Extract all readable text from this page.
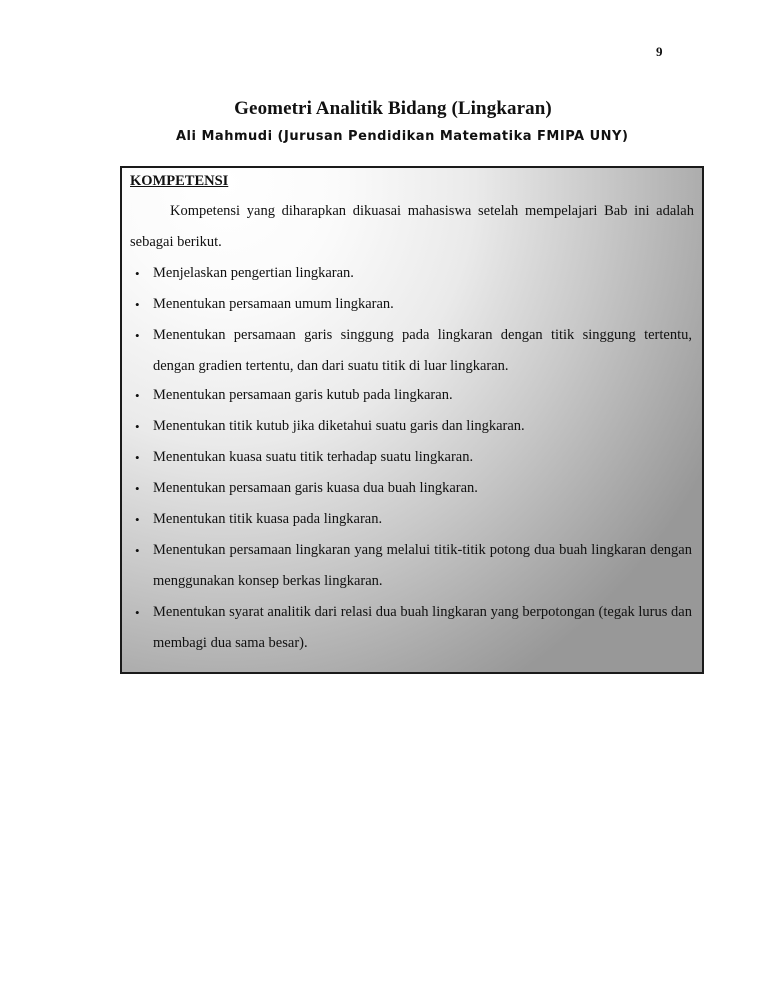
9
Geometri Analitik Bidang (Lingkaran)
Ali Mahmudi (Jurusan Pendidikan Matematika FMIPA UNY)
KOMPETENSI
Kompetensi yang diharapkan dikuasai mahasiswa setelah mempelajari Bab ini adalah sebagai berikut.
• Menjelaskan pengertian lingkaran.
• Menentukan persamaan umum lingkaran.
• Menentukan persamaan garis singgung pada lingkaran dengan titik singgung tertentu, dengan gradien tertentu, dan dari suatu titik di luar lingkaran.
• Menentukan persamaan garis kutub pada lingkaran.
• Menentukan titik kutub jika diketahui suatu garis dan lingkaran.
• Menentukan kuasa suatu titik terhadap suatu lingkaran.
• Menentukan persamaan garis kuasa dua buah lingkaran.
• Menentukan titik kuasa pada lingkaran.
• Menentukan persamaan lingkaran yang melalui titik-titik potong dua buah lingkaran dengan menggunakan konsep berkas lingkaran.
• Menentukan syarat analitik dari relasi dua buah lingkaran yang berpotongan (tegak lurus dan membagi dua sama besar).
